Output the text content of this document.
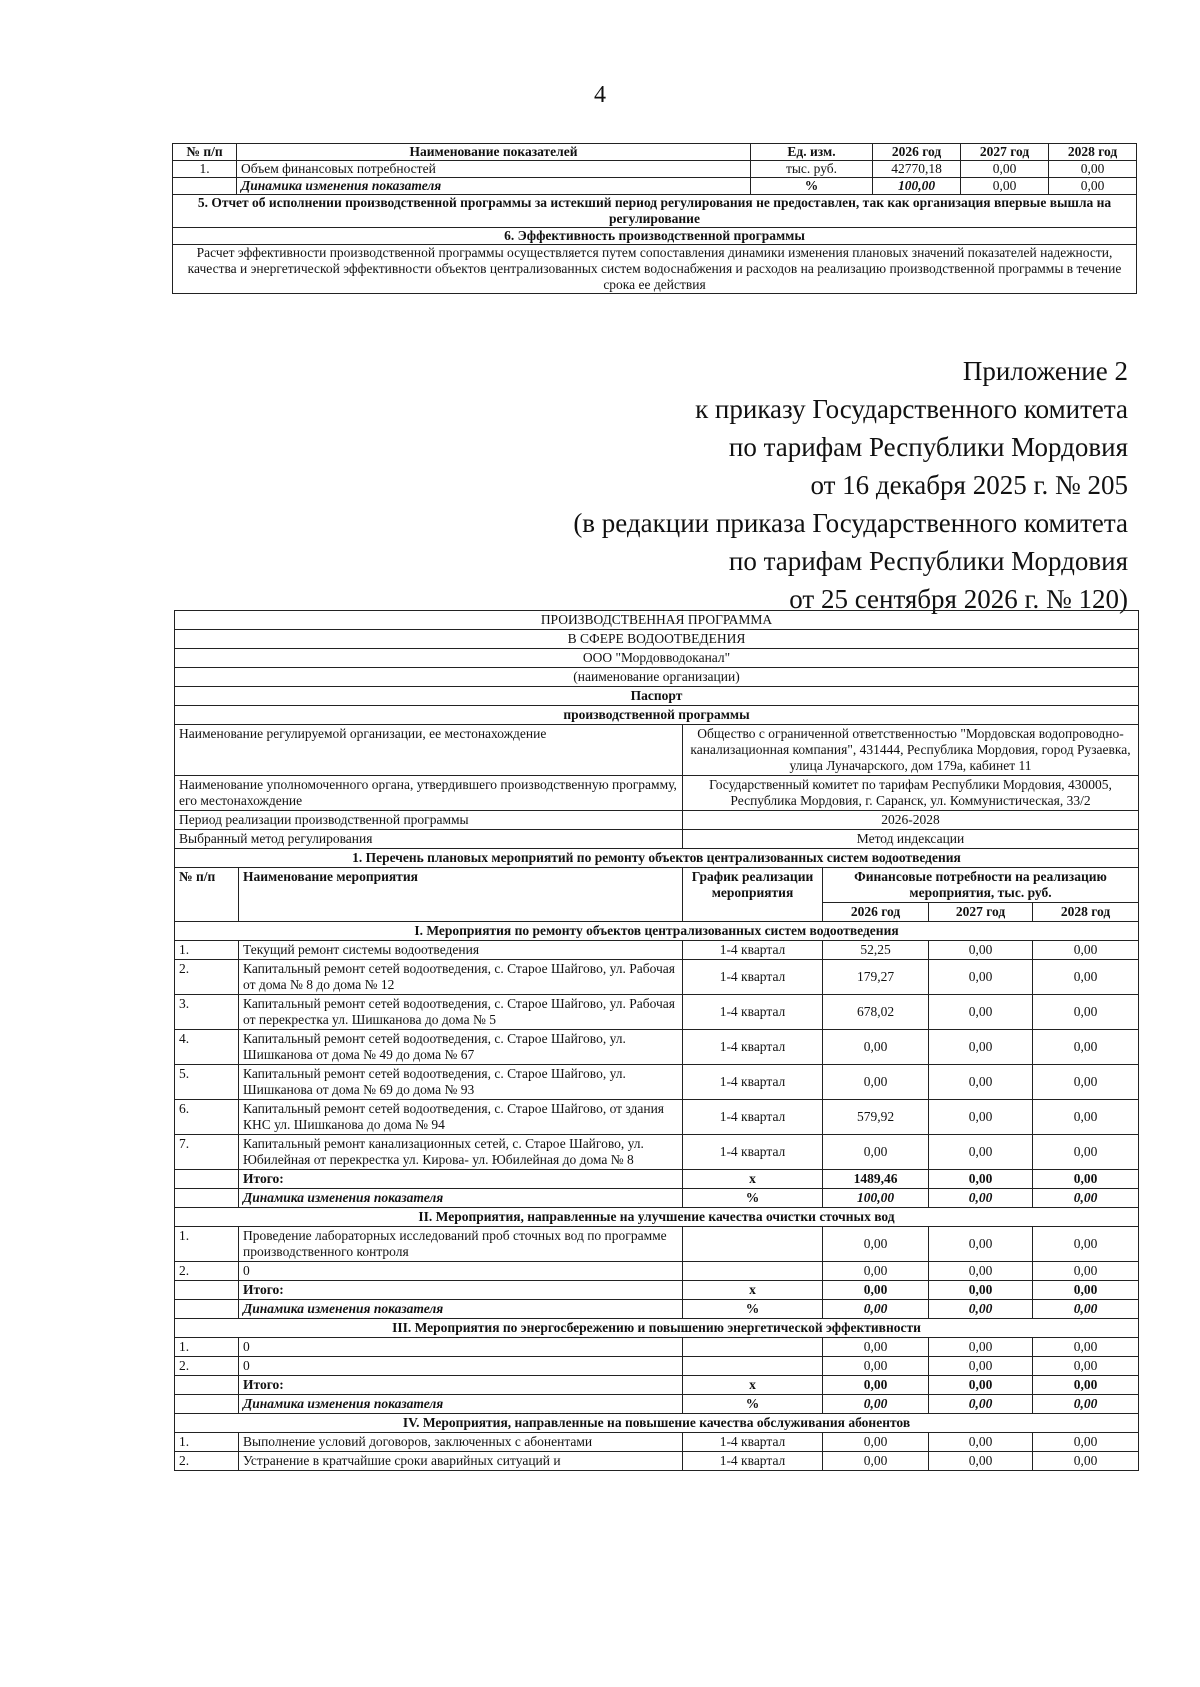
4
№ п/п	Наименование показателей	Ед. изм.	2026 год	2027 год	2028 год
1.	Объем финансовых потребностей	тыс. руб.	42770,18	0,00	0,00
	Динамика изменения показателя	%	100,00	0,00	0,00
5. Отчет об исполнении производственной программы за истекший период регулирования не предоставлен, так как организация впервые вышла на регулирование					
6. Эффективность производственной программы					
Расчет эффективности производственной программы осуществляется путем сопоставления динамики изменения плановых значений показателей надежности, качества и энергетической эффективности объектов централизованных систем водоснабжения и расходов на реализацию производственной программы в течение срока ее действия					
Приложение 2
к приказу Государственного комитета
по тарифам Республики Мордовия
от 16 декабря 2025 г. № 205
(в редакции приказа Государственного комитета
по тарифам Республики Мордовия
от 25 сентября 2026 г. № 120)
ПРОИЗВОДСТВЕННАЯ ПРОГРАММА					
В СФЕРЕ ВОДООТВЕДЕНИЯ					
ООО "Мордовводоканал"					
(наименование организации)					
Паспорт					
производственной программы					
Наименование регулируемой организации, ее местонахождение		Общество с ограниченной ответственностью "Мордовская водопроводно-канализационная компания", 431444, Республика Мордовия, город Рузаевка, улица Луначарского, дом 179а, кабинет 11			
Наименование уполномоченного органа, утвердившего производственную программу, его местонахождение		Государственный комитет по тарифам Республики Мордовия, 430005, Республика Мордовия, г. Саранск, ул. Коммунистическая, 33/2			
Период реализации производственной программы		2026-2028			
Выбранный метод регулирования		Метод индексации			
1. Перечень плановых мероприятий по ремонту объектов централизованных систем водоотведения					
№ п/п	Наименование мероприятия	График реализации мероприятия	Финансовые потребности на реализацию мероприятия, тыс. руб.		
			2026 год	2027 год	2028 год
I. Мероприятия по ремонту объектов централизованных систем водоотведения					
1.	Текущий ремонт системы водоотведения	1-4 квартал	52,25	0,00	0,00
2.	Капитальный ремонт сетей водоотведения, с. Старое Шайгово, ул. Рабочая от дома № 8 до дома № 12	1-4 квартал	179,27	0,00	0,00
3.	Капитальный ремонт сетей водоотведения, с. Старое Шайгово, ул. Рабочая от перекрестка ул. Шишканова до дома № 5	1-4 квартал	678,02	0,00	0,00
4.	Капитальный ремонт сетей водоотведения, с. Старое Шайгово, ул. Шишканова от дома № 49 до дома № 67	1-4 квартал	0,00	0,00	0,00
5.	Капитальный ремонт сетей водоотведения, с. Старое Шайгово, ул. Шишканова от дома № 69 до дома № 93	1-4 квартал	0,00	0,00	0,00
6.	Капитальный ремонт сетей водоотведения, с. Старое Шайгово, от здания КНС ул. Шишканова до дома № 94	1-4 квартал	579,92	0,00	0,00
7.	Капитальный ремонт канализационных сетей, с. Старое Шайгово, ул. Юбилейная от перекрестка ул. Кирова- ул. Юбилейная до дома № 8	1-4 квартал	0,00	0,00	0,00
	Итого:	х	1489,46	0,00	0,00
	Динамика изменения показателя	%	100,00	0,00	0,00
II. Мероприятия, направленные на улучшение качества очистки сточных вод					
1.	Проведение лабораторных исследований проб сточных вод по программе производственного контроля		0,00	0,00	0,00
2.	0		0,00	0,00	0,00
	Итого:	х	0,00	0,00	0,00
	Динамика изменения показателя	%	0,00	0,00	0,00
III. Мероприятия по энергосбережению и повышению энергетической эффективности					
1.	0		0,00	0,00	0,00
2.	0		0,00	0,00	0,00
	Итого:	х	0,00	0,00	0,00
	Динамика изменения показателя	%	0,00	0,00	0,00
IV. Мероприятия, направленные на повышение качества обслуживания абонентов					
1.	Выполнение условий договоров, заключенных с абонентами	1-4 квартал	0,00	0,00	0,00
2.	Устранение в кратчайшие сроки аварийных ситуаций и	1-4 квартал	0,00	0,00	0,00
